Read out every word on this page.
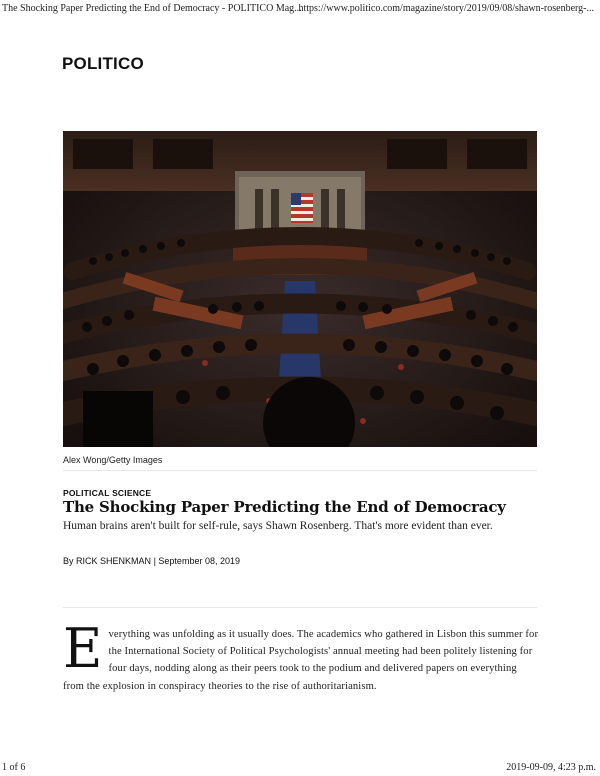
The Shocking Paper Predicting the End of Democracy - POLITICO Mag...
https://www.politico.com/magazine/story/2019/09/08/shawn-rosenberg-...
POLITICO
Alex Wong/Getty Images
POLITICAL SCIENCE
The Shocking Paper Predicting the End of Democracy
Human brains aren't built for self-rule, says Shawn Rosenberg. That's more evident than ever.
By RICK SHENKMAN | September 08, 2019
E verything was unfolding as it usually does. The academics who gathered in Lisbon this summer for the International Society of Political Psychologists' annual meeting had been politely listening for four days, nodding along as their peers took to the podium and delivered papers on everything from the explosion in conspiracy theories to the rise of authoritarianism.
1 of 6	2019-09-09, 4:23 p.m.
